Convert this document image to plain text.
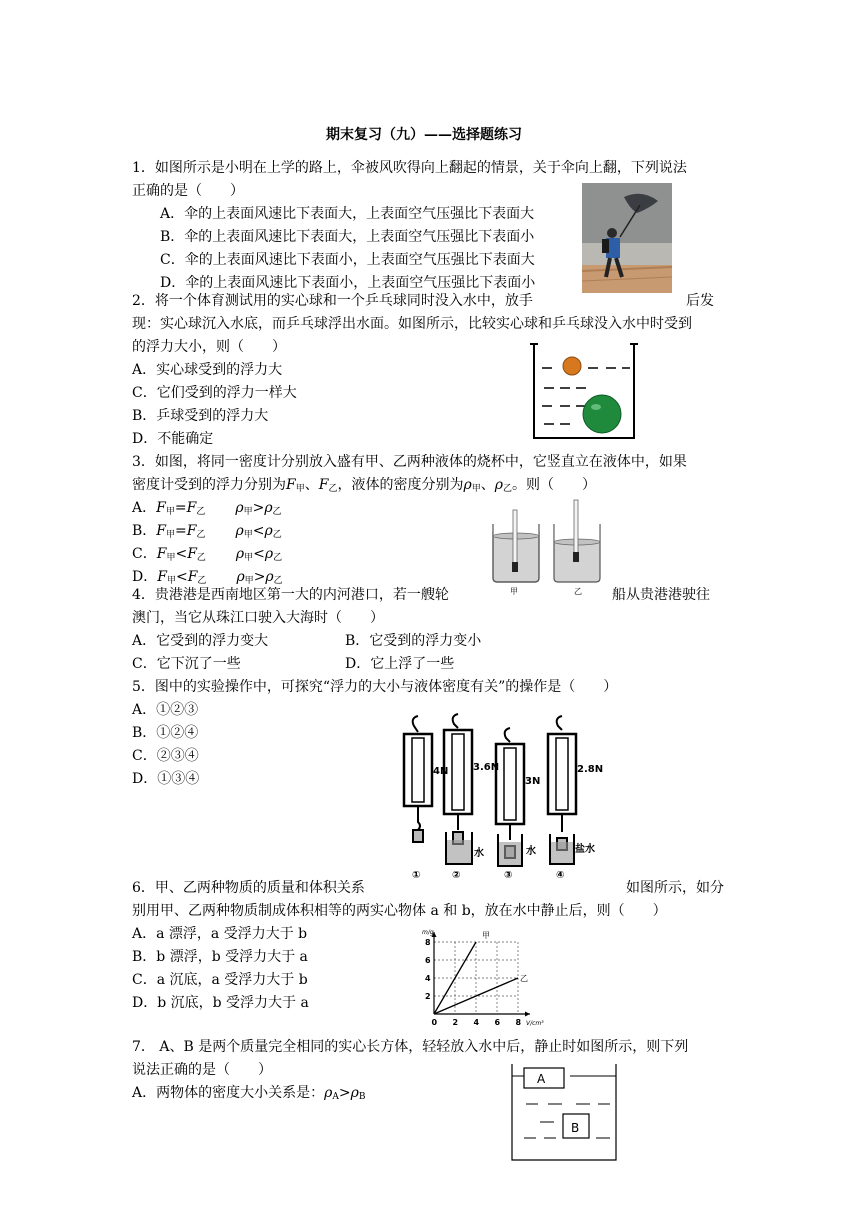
期末复习（九）——选择题练习
1．如图所示是小明在上学的路上，伞被风吹得向上翻起的情景，关于伞向上翻，下列说法
正确的是（　　）
A．伞的上表面风速比下表面大，上表面空气压强比下表面大
B．伞的上表面风速比下表面大，上表面空气压强比下表面小
C．伞的上表面风速比下表面小，上表面空气压强比下表面大
D．伞的上表面风速比下表面小，上表面空气压强比下表面小
2．将一个体育测试用的实心球和一个乒乓球同时没入水中，放手	后发
现：实心球沉入水底，而乒乓球浮出水面。如图所示，比较实心球和乒乓球没入水中时受到
的浮力大小，则（　　）
A．实心球受到的浮力大
C．它们受到的浮力一样大
B．乒球受到的浮力大
D．不能确定
3．如图，将同一密度计分别放入盛有甲、乙两种液体的烧杯中，它竖直立在液体中，如果
密度计受到的浮力分别为$F_甲$、$F_乙$，液体的密度分别为$\rho_甲$、$\rho_乙$。则（　　）
A．$F_甲=F_乙$ $\rho_甲>\rho_乙$
B．$F_甲=F_乙$ $\rho_甲<\rho_乙$
C．$F_甲<F_乙$ $\rho_甲<\rho_乙$
D．$F_甲<F_乙$ $\rho_甲>\rho_乙$
甲	乙
4．贵港港是西南地区第一大的内河港口，若一艘轮	船从贵港港驶往
澳门，当它从珠江口驶入大海时（　　）
A．它受到的浮力变大	B．它受到的浮力变小
C．它下沉了一些	D．它上浮了一些
5．图中的实验操作中，可探究“浮力的大小与液体密度有关”的操作是（　　）
A．①②③
B．①②④
C．②③④
D．①③④	4N 3.6N
3N
2.8N
水	水	盐水
①	②	③	④
6．甲、乙两种物质的质量和体积关系	如图所示，如分
别用甲、乙两种物质制成体积相等的两实心物体 a 和 b，放在水中静止后，则（　　）
A．a 漂浮，a 受浮力大于 b
B．b 漂浮，b 受浮力大于 a
C．a 沉底，a 受浮力大于 b
D．b 沉底，b 受浮力大于 a
0 2 4 6 8
2
4
6
8
V/cm³
m/g	甲
乙
7． A、B 是两个质量完全相同的实心长方体，轻轻放入水中后，静止时如图所示，则下列
说法正确的是（　　）
A．两物体的密度大小关系是：$\rho_A>\rho_B$
A
B
